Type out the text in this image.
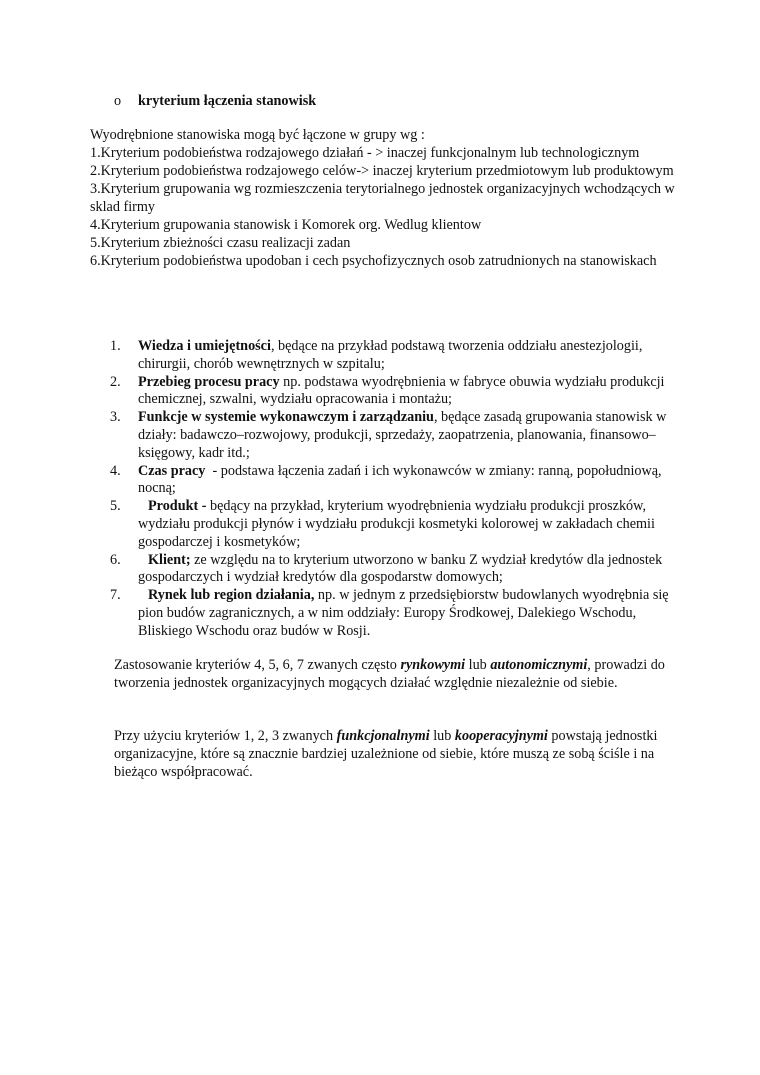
o kryterium łączenia stanowisk

Wyodrębnione stanowiska mogą być łączone w grupy wg :
1.Kryterium podobieństwa rodzajowego działań - > inaczej funkcjonalnym lub technologicznym
2.Kryterium podobieństwa rodzajowego celów-> inaczej kryterium przedmiotowym lub produktowym
3.Kryterium grupowania wg rozmieszczenia terytorialnego jednostek organizacyjnych wchodzących w sklad firmy
4.Kryterium grupowania stanowisk i Komorek org. Wedlug klientow
5.Kryterium zbieżności czasu realizacji zadan
6.Kryterium podobieństwa upodoban i cech psychofizycznych osob zatrudnionych na stanowiskach

1. Wiedza i umiejętności, będące na przykład podstawą tworzenia oddziału anestezjologii, chirurgii, chorób wewnętrznych w szpitalu;
2. Przebieg procesu pracy np. podstawa wyodrębnienia w fabryce obuwia wydziału produkcji chemicznej, szwalni, wydziału opracowania i montażu;
3. Funkcje w systemie wykonawczym i zarządzaniu, będące zasadą grupowania stanowisk w działy: badawczo–rozwojowy, produkcji, sprzedaży, zaopatrzenia, planowania, finansowo–księgowy, kadr itd.;
4. Czas pracy  - podstawa łączenia zadań i ich wykonawców w zmiany: ranną, popołudniową, nocną;
5. Produkt - będący na przykład, kryterium wyodrębnienia wydziału produkcji proszków, wydziału produkcji płynów i wydziału produkcji kosmetyki kolorowej w zakładach chemii gospodarczej i kosmetyków;
6. Klient; ze względu na to kryterium utworzono w banku Z wydział kredytów dla jednostek gospodarczych i wydział kredytów dla gospodarstw domowych;
7. Rynek lub region działania, np. w jednym z przedsiębiorstw budowlanych wyodrębnia się pion budów zagranicznych, a w nim oddziały: Europy Środkowej, Dalekiego Wschodu, Bliskiego Wschodu oraz budów w Rosji.

Zastosowanie kryteriów 4, 5, 6, 7 zwanych często rynkowymi lub autonomicznymi, prowadzi do tworzenia jednostek organizacyjnych mogących działać względnie niezależnie od siebie.

Przy użyciu kryteriów 1, 2, 3 zwanych funkcjonalnymi lub kooperacyjnymi powstają jednostki organizacyjne, które są znacznie bardziej uzależnione od siebie, które muszą ze sobą ściśle i na bieżąco współpracować.
